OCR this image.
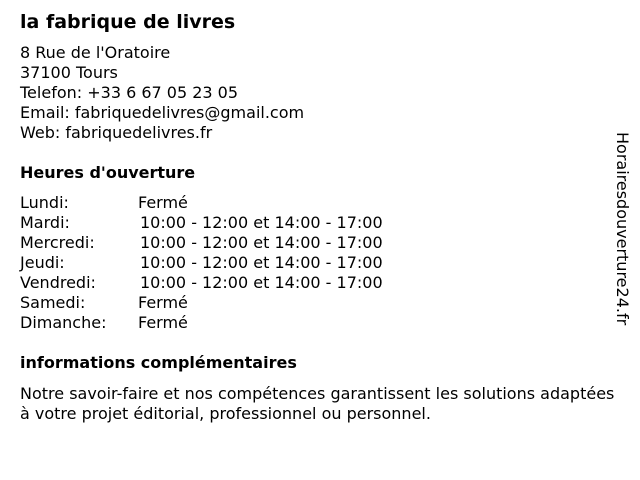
la fabrique de livres
8 Rue de l'Oratoire
37100 Tours
Telefon: +33 6 67 05 23 05
Email: fabriquedelivres@gmail.com
Web: fabriquedelivres.fr
Heures d'ouverture
Lundi:	Fermé
Mardi:	10:00 - 12:00 et 14:00 - 17:00
Mercredi:	10:00 - 12:00 et 14:00 - 17:00
Jeudi:	10:00 - 12:00 et 14:00 - 17:00
Vendredi:	10:00 - 12:00 et 14:00 - 17:00
Samedi:	Fermé
Dimanche: Fermé
informations complémentaires
Notre savoir-faire et nos compétences garantissent les solutions adaptées à votre projet éditorial, professionnel ou personnel.
Horairesdouverture24.fr
